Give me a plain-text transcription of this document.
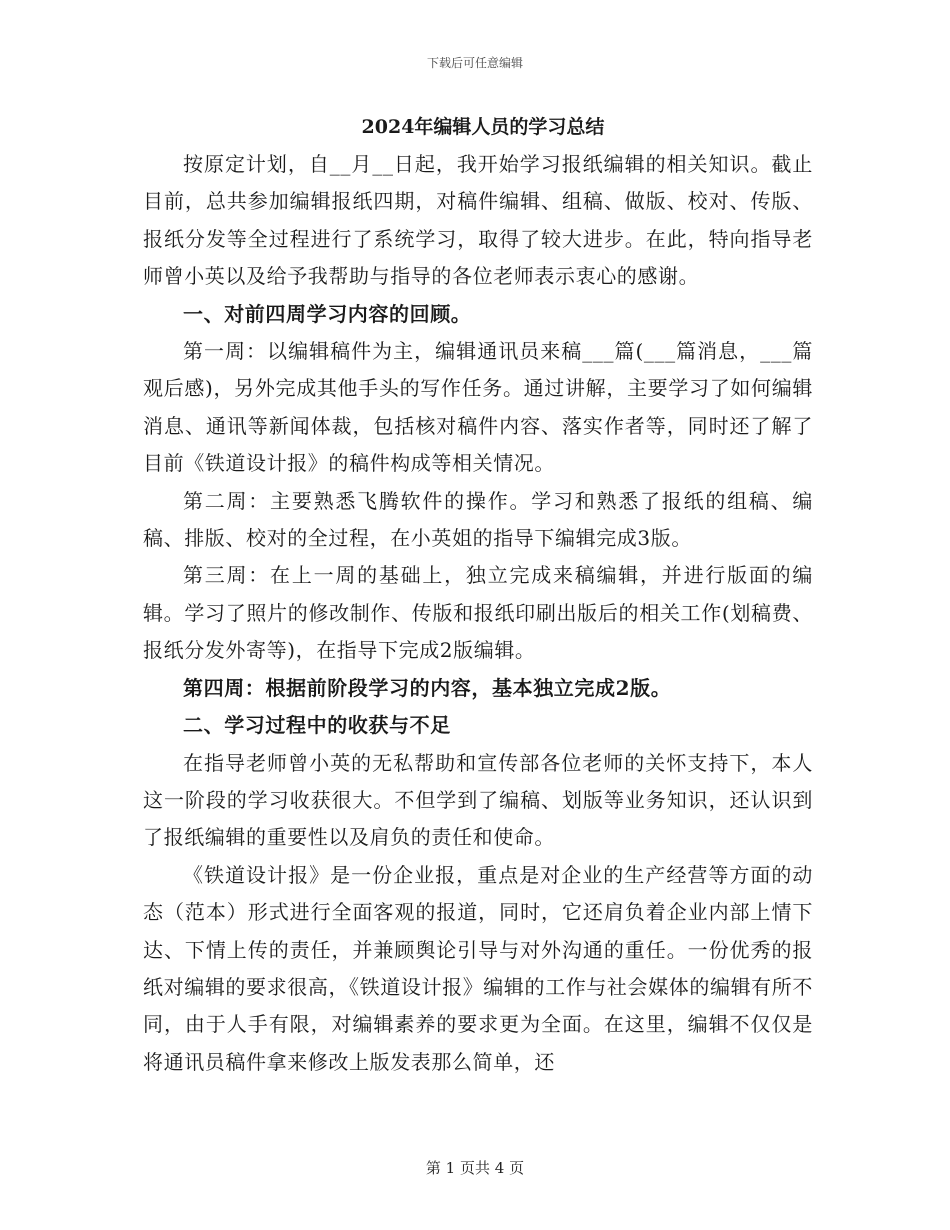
下载后可任意编辑
2024年编辑人员的学习总结

按原定计划，自__月__日起，我开始学习报纸编辑的相关知识。截止目前，总共参加编辑报纸四期，对稿件编辑、组稿、做版、校对、传版、报纸分发等全过程进行了系统学习，取得了较大进步。在此，特向指导老师曾小英以及给予我帮助与指导的各位老师表示衷心的感谢。

一、对前四周学习内容的回顾。

第一周：以编辑稿件为主，编辑通讯员来稿___篇(___篇消息，___篇观后感)，另外完成其他手头的写作任务。通过讲解，主要学习了如何编辑消息、通讯等新闻体裁，包括核对稿件内容、落实作者等，同时还了解了目前《铁道设计报》的稿件构成等相关情况。

第二周：主要熟悉飞腾软件的操作。学习和熟悉了报纸的组稿、编稿、排版、校对的全过程，在小英姐的指导下编辑完成3版。

第三周：在上一周的基础上，独立完成来稿编辑，并进行版面的编辑。学习了照片的修改制作、传版和报纸印刷出版后的相关工作(划稿费、报纸分发外寄等)，在指导下完成2版编辑。

第四周：根据前阶段学习的内容，基本独立完成2版。

二、学习过程中的收获与不足

在指导老师曾小英的无私帮助和宣传部各位老师的关怀支持下，本人这一阶段的学习收获很大。不但学到了编稿、划版等业务知识，还认识到了报纸编辑的重要性以及肩负的责任和使命。

《铁道设计报》是一份企业报，重点是对企业的生产经营等方面的动态（范本）形式进行全面客观的报道，同时，它还肩负着企业内部上情下达、下情上传的责任，并兼顾舆论引导与对外沟通的重任。一份优秀的报纸对编辑的要求很高，《铁道设计报》编辑的工作与社会媒体的编辑有所不同，由于人手有限，对编辑素养的要求更为全面。在这里，编辑不仅仅是将通讯员稿件拿来修改上版发表那么简单，还

第 1 页共 4 页
